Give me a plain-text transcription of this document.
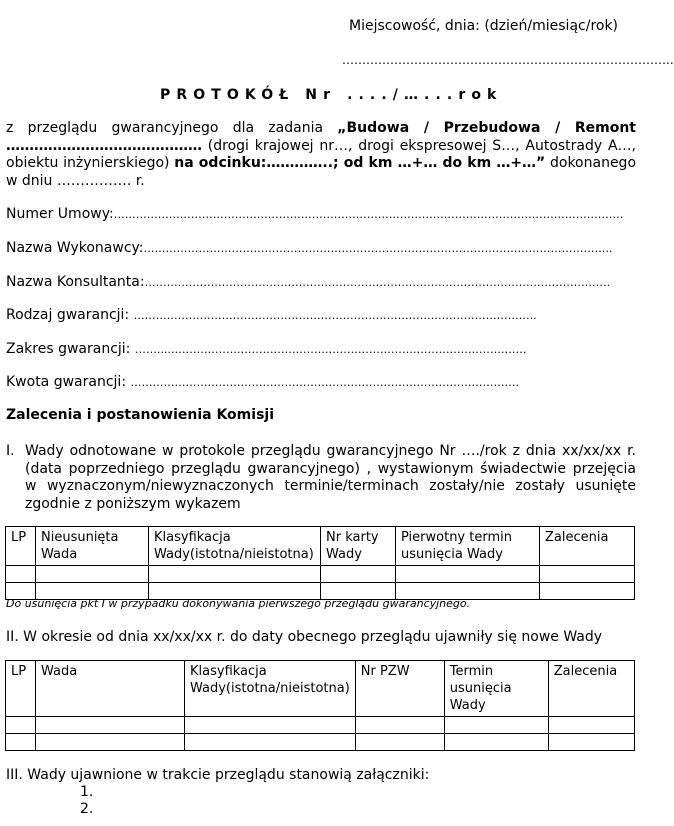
Miejscowość, dnia: (dzień/miesiąc/rok)
………………………………………………………………………..
PROTOKÓŁ Nr ..../…...rok
z przeglądu gwarancyjnego dla zadania „Budowa / Przebudowa / Remont …………………………………… (drogi krajowej nr…, drogi ekspresowej S…, Autostrady A…, obiektu inżynierskiego) na odcinku:…………..; od km …+… do km …+…” dokonanego w dniu ……………. r.
Numer Umowy:………………………………………………………………………………………………………………………….
Nazwa Wykonawcy:………………………………………………………………………………………………………………..
Nazwa Konsultanta:……………………………………………………………………………………………………………….
Rodzaj gwarancji: ………………………………………………………………………………………………..
Zakres gwarancji: ……....…………………………………………………………………………………….
Kwota gwarancji: …………………………………………………………………………………………….
Zalecenia i postanowienia Komisji
I. Wady odnotowane w protokole przeglądu gwarancyjnego Nr …./rok z dnia xx/xx/xx r. (data poprzedniego przeglądu gwarancyjnego) , wystawionym świadectwie przejęcia w wyznaczonym/niewyznaczonych terminie/terminach zostały/nie zostały usunięte zgodnie z poniższym wykazem
LP	Nieusunięta Wada	Klasyfikacja Wady(istotna/nieistotna)	Nr karty Wady	Pierwotny termin usunięcia Wady	Zalecenia

Do usunięcia pkt I w przypadku dokonywania pierwszego przeglądu gwarancyjnego.
II. W okresie od dnia xx/xx/xx r. do daty obecnego przeglądu ujawniły się nowe Wady
LP	Wada	Klasyfikacja Wady(istotna/nieistotna)	Nr PZW	Termin usunięcia Wady	Zalecenia

III. Wady ujawnione w trakcie przeglądu stanowią załączniki:
1.
2.
